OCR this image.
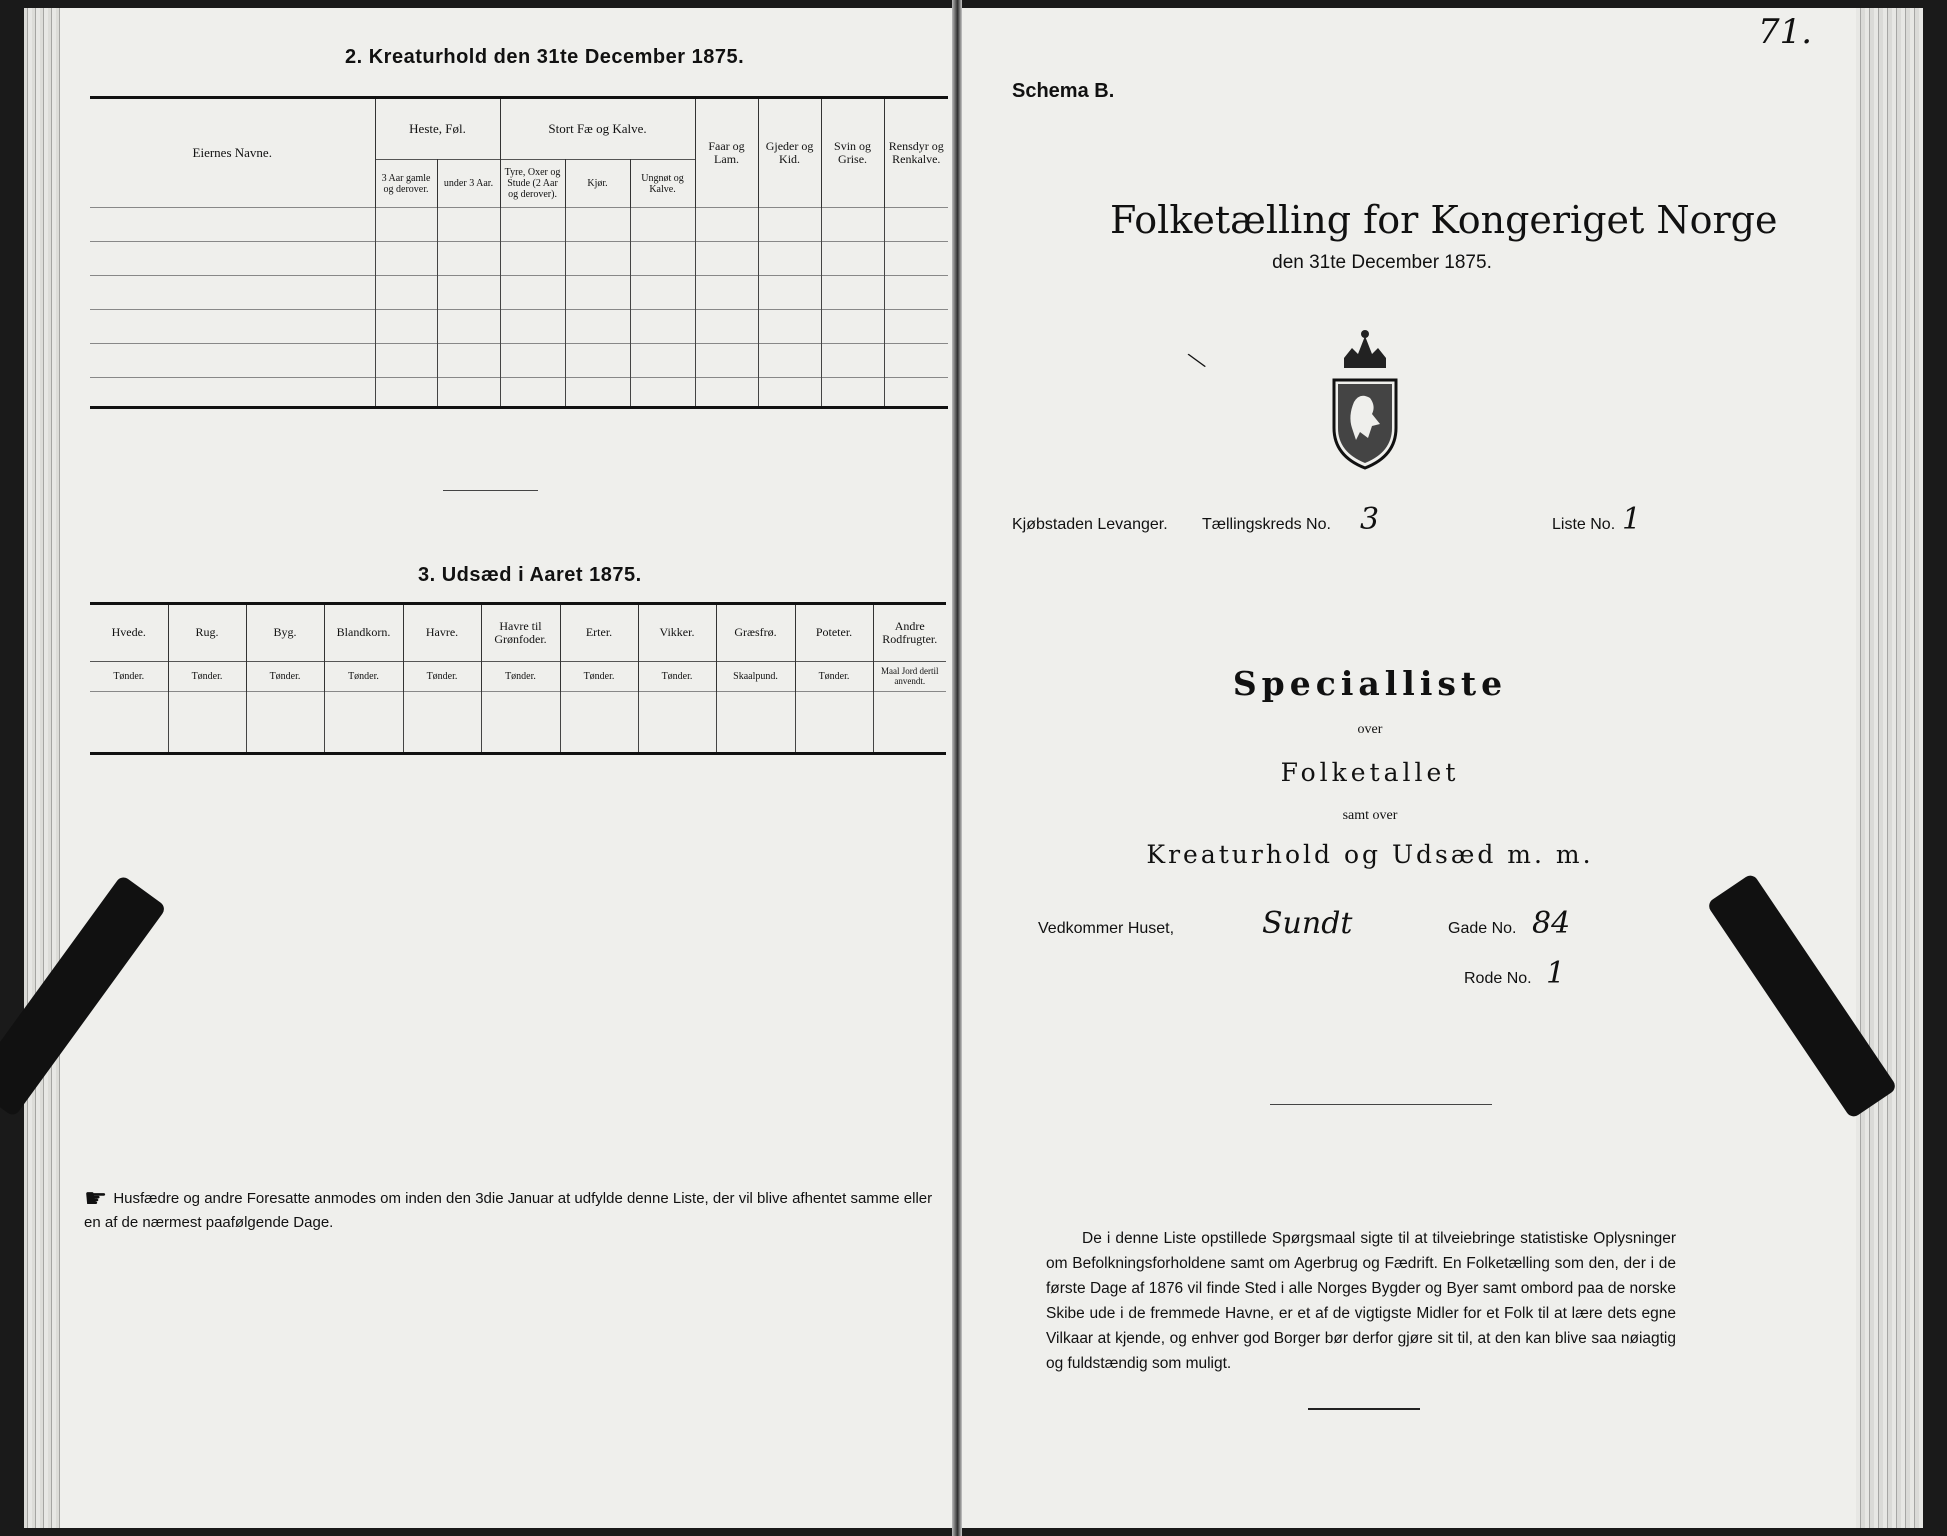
2. Kreaturhold den 31te December 1875.
Eiernes Navne.	Heste, Føl.		Stort Fæ og Kalve.			Faar og Lam.	Gjeder og Kid.	Svin og Grise.	Rensdyr og Renkalve.
	3 Aar gamle og derover.	under 3 Aar.	Tyre, Oxer og Stude (2 Aar og derover).	Kjør.	Ungnøt og Kalve.				

3. Udsæd i Aaret 1875.
Hvede.	Rug.	Byg.	Blandkorn.	Havre.	Havre til Grønfoder.	Erter.	Vikker.	Græsfrø.	Poteter.	Andre Rodfrugter.
Tønder.	Tønder.	Tønder.	Tønder.	Tønder.	Tønder.	Tønder.	Tønder.	Skaalpund.	Tønder.	Maal Jord dertil anvendt.

☛ Husfædre og andre Foresatte anmodes om inden den 3die Januar at udfylde denne Liste, der vil blive afhentet samme eller en af de nærmest paafølgende Dage.
71.
Schema B.
Folketælling for Kongeriget Norge
den 31te December 1875.
\
Kjøbstaden Levanger. Tællingskreds No. 3	Liste No. 1
Specialliste
over
Folketallet
samt over
Kreaturhold og Udsæd m. m.
Vedkommer Huset,	Sundt	Gade No. 84
Rode No. 1
De i denne Liste opstillede Spørgsmaal sigte til at tilveiebringe statistiske Oplysninger om Befolkningsforholdene samt om Agerbrug og Fædrift. En Folketælling som den, der i de første Dage af 1876 vil finde Sted i alle Norges Bygder og Byer samt ombord paa de norske Skibe ude i de fremmede Havne, er et af de vigtigste Midler for et Folk til at lære dets egne Vilkaar at kjende, og enhver god Borger bør derfor gjøre sit til, at den kan blive saa nøiagtig og fuldstændig som muligt.
